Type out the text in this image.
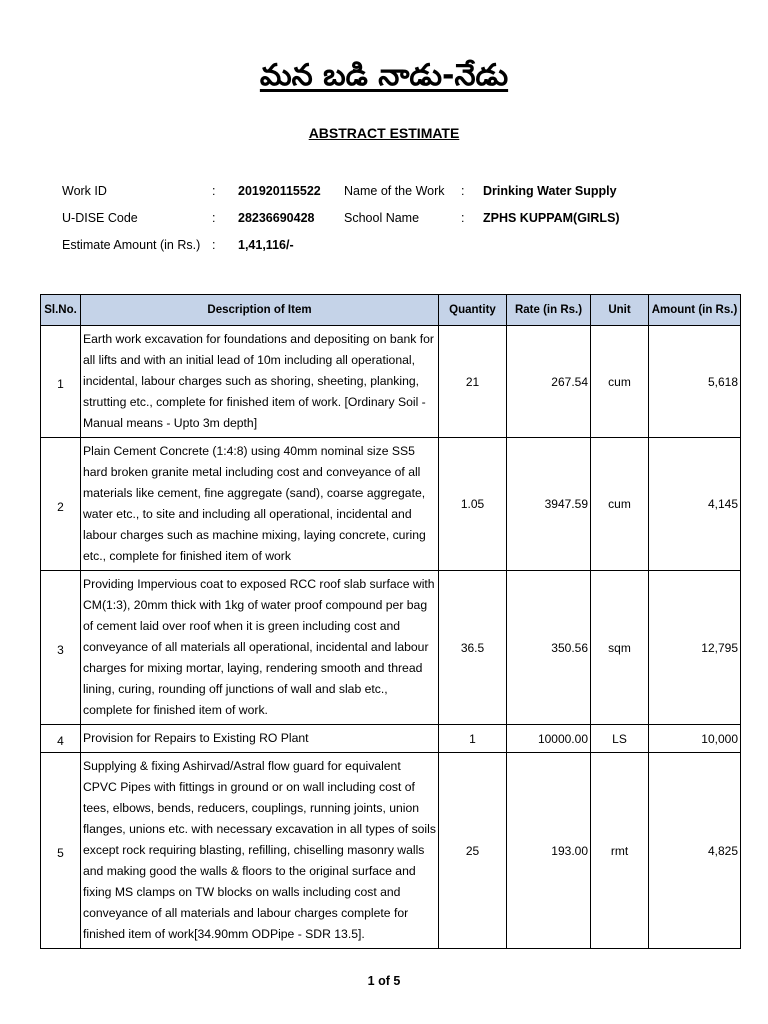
మన బడి నాడు-నేడు
ABSTRACT ESTIMATE
Work ID	: 201920115522
U-DISE Code	: 28236690428
Estimate Amount (in Rs.) : 1,41,116/-
Name of the Work : Drinking Water Supply
School Name	: ZPHS KUPPAM(GIRLS)
Sl.No.	Description of Item	Quantity	Rate (in Rs.)	Unit	Amount (in Rs.)
1	Earth work excavation for foundations and depositing on bank for all lifts and with an initial lead of 10m including all operational, incidental, labour charges such as shoring, sheeting, planking, strutting etc., complete for finished item of work. [Ordinary Soil - Manual means - Upto 3m depth]	21	267.54	cum	5,618
2	Plain Cement Concrete (1:4:8) using 40mm nominal size SS5 hard broken granite metal including cost and conveyance of all materials like cement, fine aggregate (sand), coarse aggregate, water etc., to site and including all operational, incidental and labour charges such as machine mixing, laying concrete, curing etc., complete for finished item of work	1.05	3947.59	cum	4,145
3	Providing Impervious coat to exposed RCC roof slab surface with CM(1:3), 20mm thick with 1kg of water proof compound per bag of cement laid over roof when it is green including cost and conveyance of all materials all operational, incidental and labour charges for mixing mortar, laying, rendering smooth and thread lining, curing, rounding off junctions of wall and slab etc., complete for finished item of work.	36.5	350.56	sqm	12,795
4	Provision for Repairs to Existing RO Plant	1	10000.00	LS	10,000
5	Supplying & fixing Ashirvad/Astral flow guard for equivalent CPVC Pipes with fittings in ground or on wall including cost of tees, elbows, bends, reducers, couplings, running joints, union flanges, unions etc. with necessary excavation in all types of soils except rock requiring blasting, refilling, chiselling masonry walls and making good the walls & floors to the original surface and fixing MS clamps on TW blocks on walls including cost and conveyance of all materials and labour charges complete for finished item of work[34.90mm ODPipe - SDR 13.5].	25	193.00	rmt	4,825
1 of 5
